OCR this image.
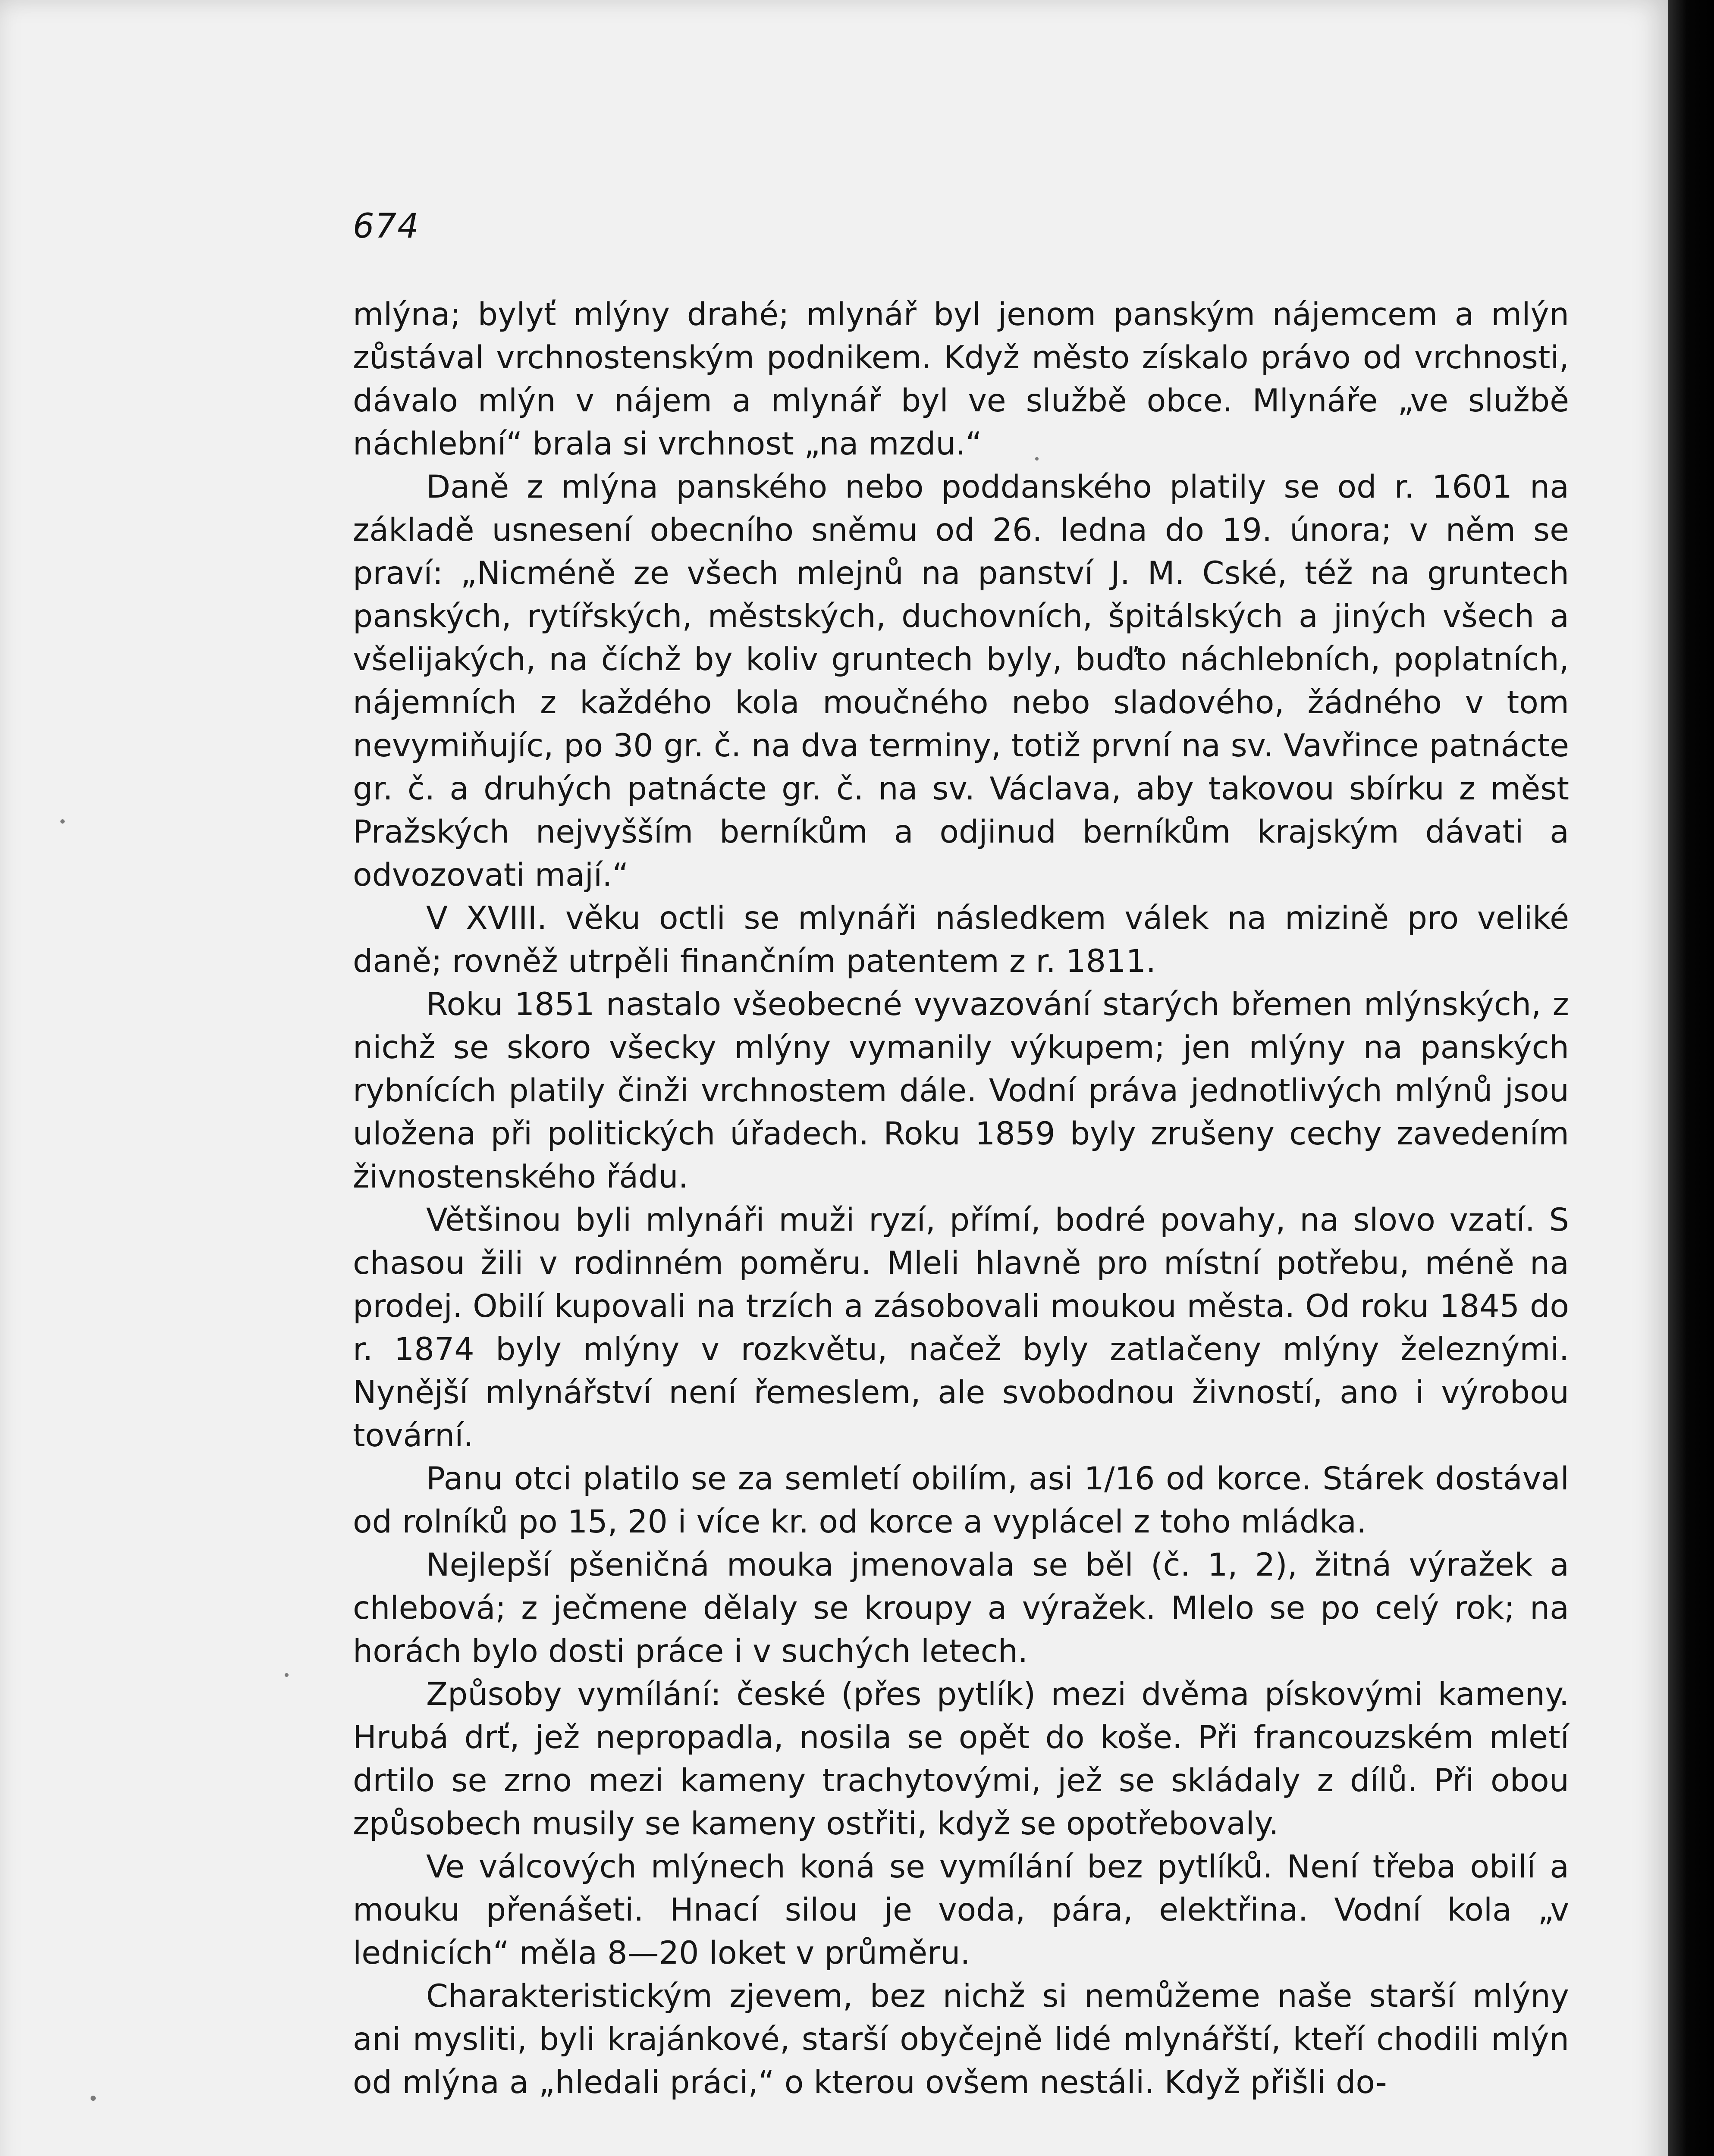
674

mlýna; bylyť mlýny drahé; mlynář byl jenom panským nájemcem a mlýn zůstával vrchnostenským podnikem. Když město získalo právo od vrchnosti, dávalo mlýn v nájem a mlynář byl ve službě obce. Mlynáře „ve službě náchlební“ brala si vrchnost „na mzdu.“

Daně z mlýna panského nebo poddanského platily se od r. 1601 na základě usnesení obecního sněmu od 26. ledna do 19. února; v něm se praví: „Nicméně ze všech mlejnů na panství J. M. Cské, též na gruntech panských, rytířských, městských, duchovních, špitálských a jiných všech a všelijakých, na číchž by koliv gruntech byly, buďto náchlebních, poplatních, nájemních z každého kola moučného nebo sladového, žádného v tom nevymiňujíc, po 30 gr. č. na dva terminy, totiž první na sv. Vavřince patnácte gr. č. a druhých patnácte gr. č. na sv. Václava, aby takovou sbírku z měst Pražských nejvyšším berníkům a odjinud berníkům krajským dávati a odvozovati mají.“

V XVIII. věku octli se mlynáři následkem válek na mizině pro veliké daně; rovněž utrpěli finančním patentem z r. 1811.

Roku 1851 nastalo všeobecné vyvazování starých břemen mlýnských, z nichž se skoro všecky mlýny vymanily výkupem; jen mlýny na panských rybnících platily činži vrchnostem dále. Vodní práva jednotlivých mlýnů jsou uložena při politických úřadech. Roku 1859 byly zrušeny cechy zavedením živnostenského řádu.

Většinou byli mlynáři muži ryzí, přímí, bodré povahy, na slovo vzatí. S chasou žili v rodinném poměru. Mleli hlavně pro místní potřebu, méně na prodej. Obilí kupovali na trzích a zásobovali moukou města. Od roku 1845 do r. 1874 byly mlýny v rozkvětu, načež byly zatlačeny mlýny železnými. Nynější mlynářství není řemeslem, ale svobodnou živností, ano i výrobou tovární.

Panu otci platilo se za semletí obilím, asi 1/16 od korce. Stárek dostával od rolníků po 15, 20 i více kr. od korce a vyplácel z toho mládka.

Nejlepší pšeničná mouka jmenovala se běl (č. 1, 2), žitná výražek a chlebová; z ječmene dělaly se kroupy a výražek. Mlelo se po celý rok; na horách bylo dosti práce i v suchých letech.

Způsoby vymílání: české (přes pytlík) mezi dvěma pískovými kameny. Hrubá drť, jež nepropadla, nosila se opět do koše. Při francouzském mletí drtilo se zrno mezi kameny trachytovými, jež se skládaly z dílů. Při obou způsobech musily se kameny ostřiti, když se opotřebovaly.

Ve válcových mlýnech koná se vymílání bez pytlíků. Není třeba obilí a mouku přenášeti. Hnací silou je voda, pára, elektřina. Vodní kola „v lednicích“ měla 8—20 loket v průměru.

Charakteristickým zjevem, bez nichž si nemůžeme naše starší mlýny ani mysliti, byli krajánkové, starší obyčejně lidé mlynářští, kteří chodili mlýn od mlýna a „hledali práci,“ o kterou ovšem nestáli. Když přišli do-
